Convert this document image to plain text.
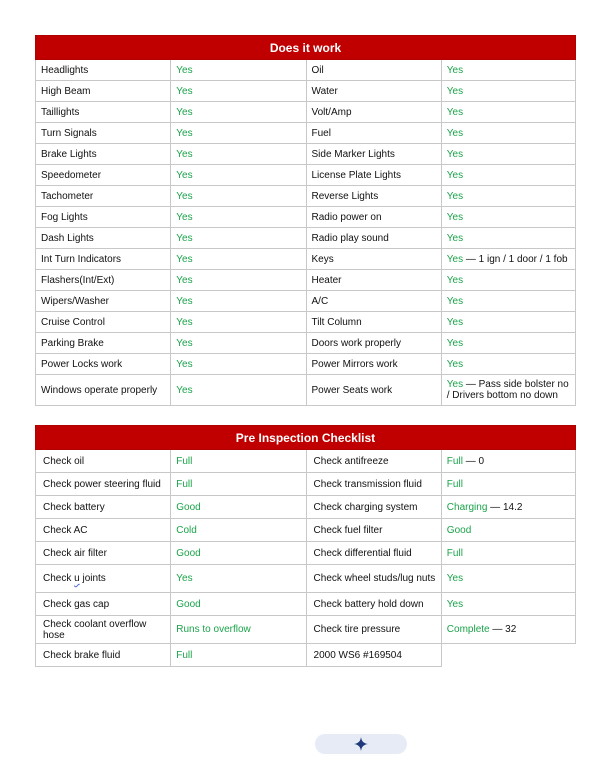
Does it work			
Headlights	Yes	Oil	Yes
High Beam	Yes	Water	Yes
Taillights	Yes	Volt/Amp	Yes
Turn Signals	Yes	Fuel	Yes
Brake Lights	Yes	Side Marker Lights	Yes
Speedometer	Yes	License Plate Lights	Yes
Tachometer	Yes	Reverse Lights	Yes
Fog Lights	Yes	Radio power on	Yes
Dash Lights	Yes	Radio play sound	Yes
Int Turn Indicators	Yes	Keys	Yes — 1 ign / 1 door / 1 fob
Flashers(Int/Ext)	Yes	Heater	Yes
Wipers/Washer	Yes	A/C	Yes
Cruise Control	Yes	Tilt Column	Yes
Parking Brake	Yes	Doors work properly	Yes
Power Locks work	Yes	Power Mirrors work	Yes
Windows operate properly	Yes	Power Seats work	Yes — Pass side bolster no / Drivers bottom no down
Pre Inspection Checklist			
Check oil	Full	Check antifreeze	Full — 0
Check power steering fluid	Full	Check transmission fluid	Full
Check battery	Good	Check charging system	Charging — 14.2
Check AC	Cold	Check fuel filter	Good
Check air filter	Good	Check differential fluid	Full
Check u joints	Yes	Check wheel studs/lug nuts	Yes
Check gas cap	Good	Check battery hold down	Yes
Check coolant overflow hose	Runs to overflow	Check tire pressure	Complete — 32
Check brake fluid	Full	2000 WS6 #169504	
